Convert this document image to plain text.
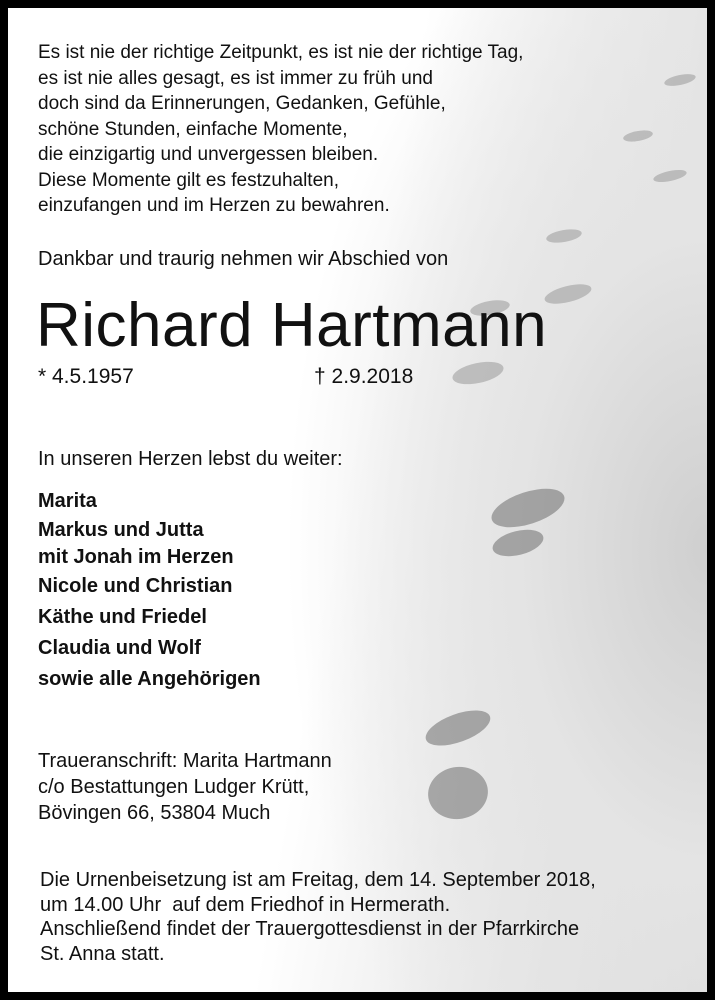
Es ist nie der richtige Zeitpunkt, es ist nie der richtige Tag,
es ist nie alles gesagt, es ist immer zu früh und
doch sind da Erinnerungen, Gedanken, Gefühle,
schöne Stunden, einfache Momente,
die einzigartig und unvergessen bleiben.
Diese Momente gilt es festzuhalten,
einzufangen und im Herzen zu bewahren.

Dankbar und traurig nehmen wir Abschied von
Richard Hartmann
* 4.5.1957	† 2.9.2018
In unseren Herzen lebst du weiter:
Marita
Markus und Jutta
mit Jonah im Herzen
Nicole und Christian
Käthe und Friedel
Claudia und Wolf
sowie alle Angehörigen
Traueranschrift: Marita Hartmann
c/o Bestattungen Ludger Krütt,
Bövingen 66, 53804 Much
Die Urnenbeisetzung ist am Freitag, dem 14. September 2018,
um 14.00 Uhr  auf dem Friedhof in Hermerath.
Anschließend findet der Trauergottesdienst in der Pfarrkirche
St. Anna statt.
